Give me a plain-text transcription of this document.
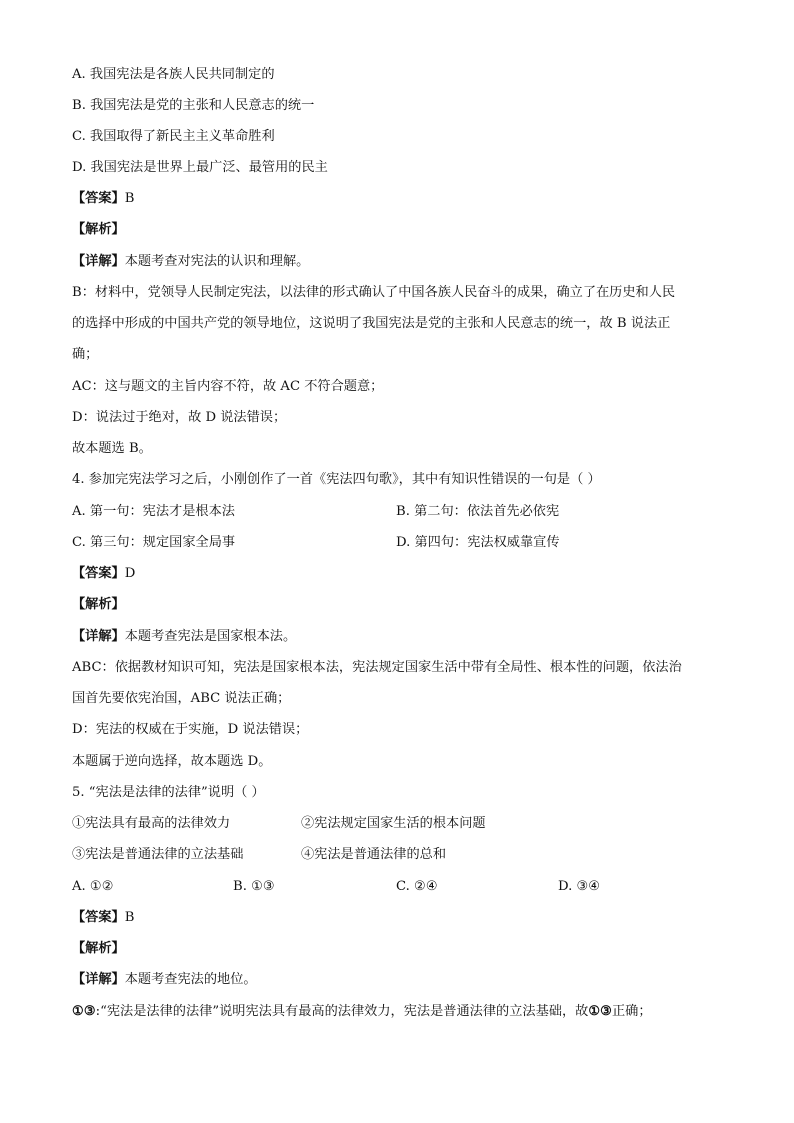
A. 我国宪法是各族人民共同制定的
B. 我国宪法是党的主张和人民意志的统一
C. 我国取得了新民主主义革命胜利
D. 我国宪法是世界上最广泛、最管用的民主
【答案】B
【解析】
【详解】本题考查对宪法的认识和理解。
B：材料中，党领导人民制定宪法，以法律的形式确认了中国各族人民奋斗的成果，确立了在历史和人民
的选择中形成的中国共产党的领导地位，这说明了我国宪法是党的主张和人民意志的统一，故 B 说法正
确；
AC：这与题文的主旨内容不符，故 AC 不符合题意；
D：说法过于绝对，故 D 说法错误；
故本题选 B。
4. 参加完宪法学习之后，小刚创作了一首《宪法四句歌》，其中有知识性错误的一句是（ ）
A. 第一句：宪法才是根本法	B. 第二句：依法首先必依宪
C. 第三句：规定国家全局事	D. 第四句：宪法权威靠宣传
【答案】D
【解析】
【详解】本题考查宪法是国家根本法。
ABC：依据教材知识可知，宪法是国家根本法，宪法规定国家生活中带有全局性、根本性的问题，依法治
国首先要依宪治国，ABC 说法正确；
D：宪法的权威在于实施，D 说法错误；
本题属于逆向选择，故本题选 D。
5. “宪法是法律的法律”说明（ ）
①宪法具有最高的法律效力	②宪法规定国家生活的根本问题
③宪法是普通法律的立法基础	④宪法是普通法律的总和
A. ①②	B. ①③	C. ②④	D. ③④
【答案】B
【解析】
【详解】本题考查宪法的地位。
①③:“宪法是法律的法律”说明宪法具有最高的法律效力，宪法是普通法律的立法基础，故①③正确；
